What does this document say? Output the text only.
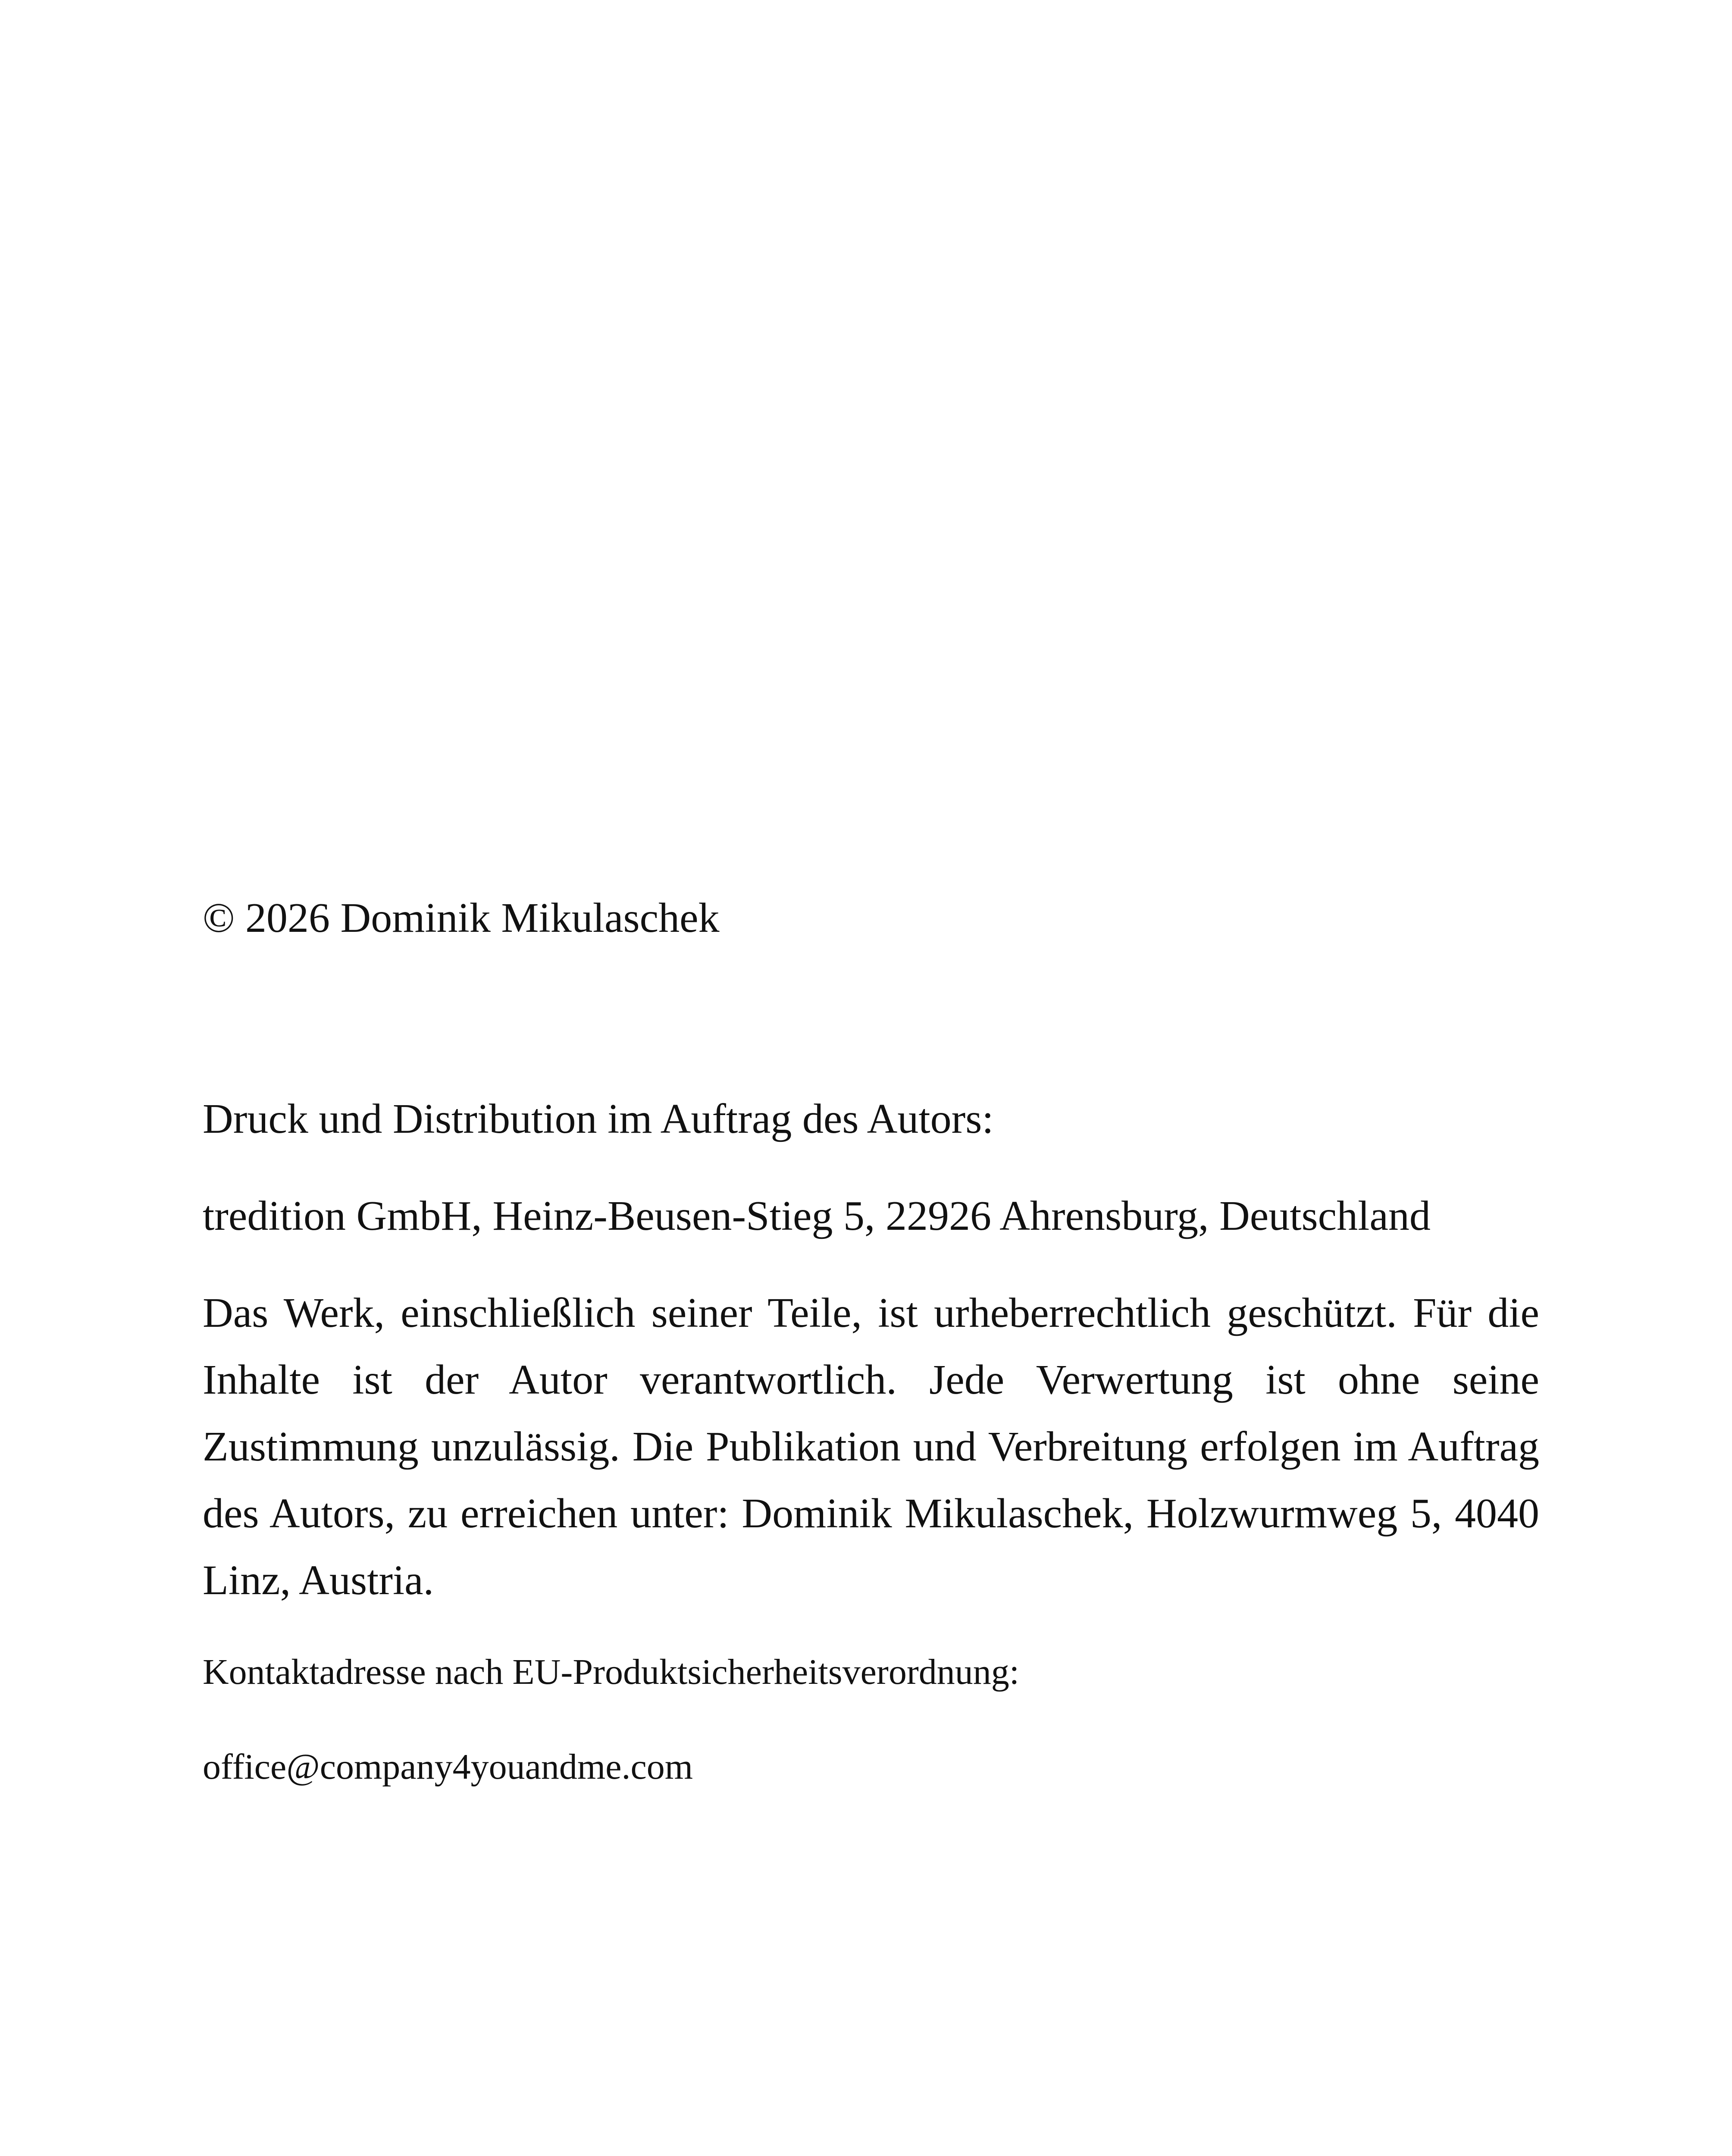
© 2026 Dominik Mikulaschek

Druck und Distribution im Auftrag des Autors:

tredition GmbH, Heinz-Beusen-Stieg 5, 22926 Ahrensburg, Deutschland

Das Werk, einschließlich seiner Teile, ist urheberrechtlich geschützt. Für die Inhalte ist der Autor verantwortlich. Jede Verwertung ist ohne seine Zustimmung unzulässig. Die Publikation und Verbreitung erfolgen im Auftrag des Autors, zu erreichen unter: Dominik Mikulaschek, Holzwurmweg 5, 4040 Linz, Austria.

Kontaktadresse nach EU-Produktsicherheitsverordnung:

office@company4youandme.com
